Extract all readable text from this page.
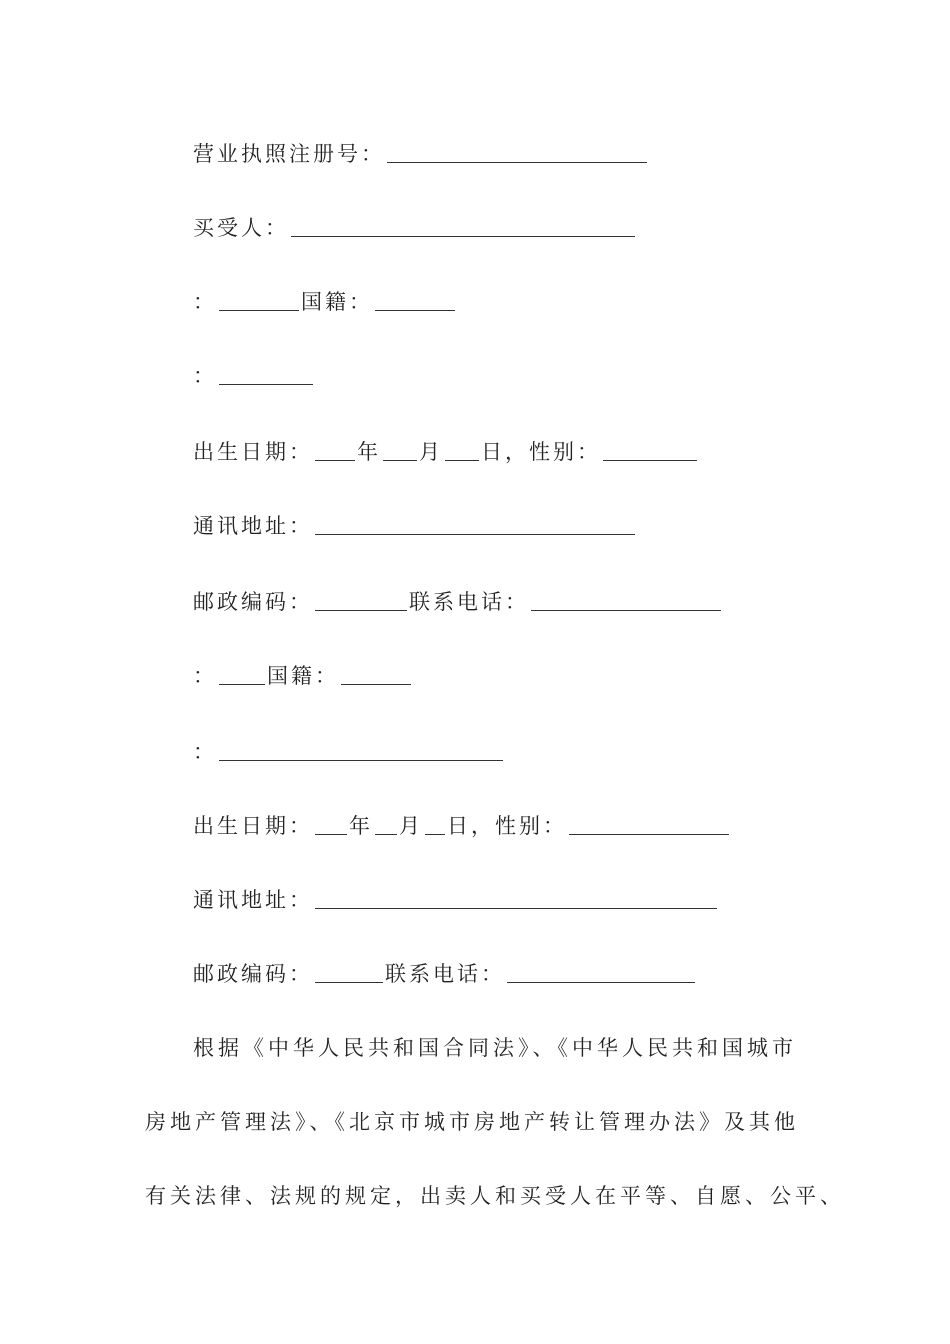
营业执照注册号：
买受人：
：	国籍：
：
出生日期： 年 月 日，性别：
通讯地址：
邮政编码：	联系电话：
： 国籍：
：
出生日期： 年 月 日，性别：
通讯地址：
邮政编码：	联系电话：
根据《中华人民共和国合同法》、《中华人民共和国城市
房地产管理法》、《北京市城市房地产转让管理办法》及其他
有关法律、法规的规定，出卖人和买受人在平等、自愿、公平、
